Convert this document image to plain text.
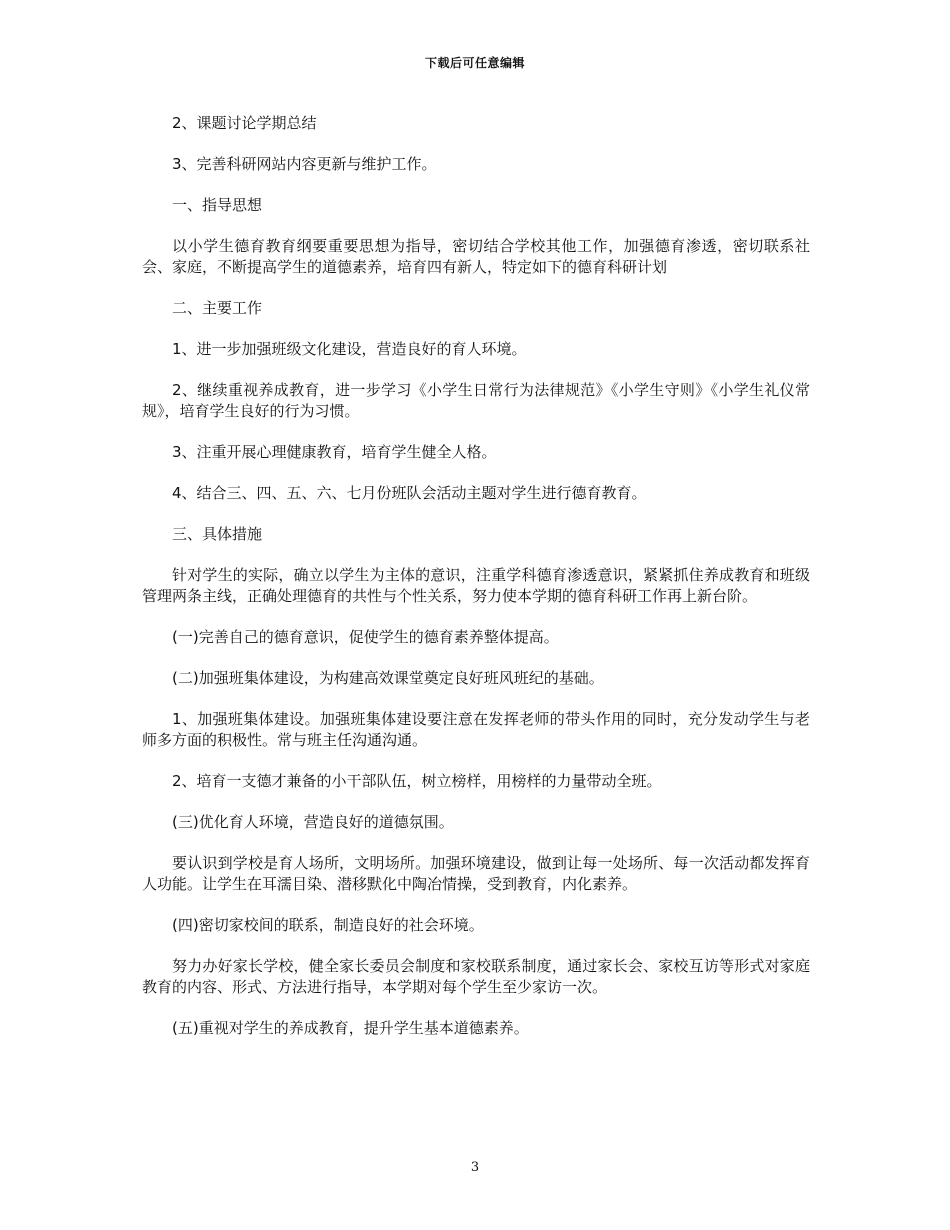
下载后可任意编辑

2、课题讨论学期总结

3、完善科研网站内容更新与维护工作。

一、指导思想

以小学生德育教育纲要重要思想为指导，密切结合学校其他工作，加强德育渗透，密切联系社会、家庭，不断提高学生的道德素养，培育四有新人，特定如下的德育科研计划

二、主要工作

1、进一步加强班级文化建设，营造良好的育人环境。

2、继续重视养成教育，进一步学习《小学生日常行为法律规范》《小学生守则》《小学生礼仪常规》，培育学生良好的行为习惯。

3、注重开展心理健康教育，培育学生健全人格。

4、结合三、四、五、六、七月份班队会活动主题对学生进行德育教育。

三、具体措施

针对学生的实际，确立以学生为主体的意识，注重学科德育渗透意识，紧紧抓住养成教育和班级管理两条主线，正确处理德育的共性与个性关系，努力使本学期的德育科研工作再上新台阶。

(一)完善自己的德育意识，促使学生的德育素养整体提高。

(二)加强班集体建设，为构建高效课堂奠定良好班风班纪的基础。

1、加强班集体建设。加强班集体建设要注意在发挥老师的带头作用的同时，充分发动学生与老师多方面的积极性。常与班主任沟通沟通。

2、培育一支德才兼备的小干部队伍，树立榜样，用榜样的力量带动全班。

(三)优化育人环境，营造良好的道德氛围。

要认识到学校是育人场所，文明场所。加强环境建设，做到让每一处场所、每一次活动都发挥育人功能。让学生在耳濡目染、潜移默化中陶冶情操，受到教育，内化素养。

(四)密切家校间的联系，制造良好的社会环境。

努力办好家长学校，健全家长委员会制度和家校联系制度，通过家长会、家校互访等形式对家庭教育的内容、形式、方法进行指导，本学期对每个学生至少家访一次。

(五)重视对学生的养成教育，提升学生基本道德素养。

3
